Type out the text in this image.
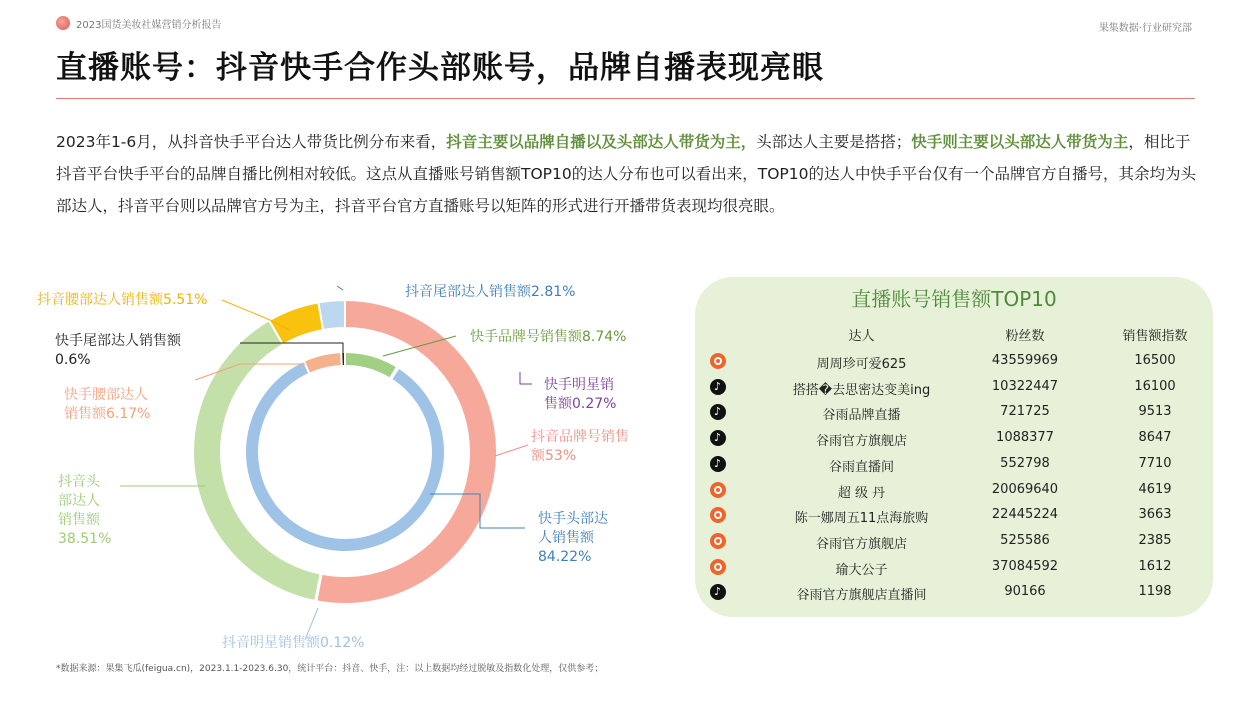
2023国货美妆社媒营销分析报告	果集数据·行业研究部
直播账号：抖音快手合作头部账号，品牌自播表现亮眼
2023年1-6月，从抖音快手平台达人带货比例分布来看，抖音主要以品牌自播以及头部达人带货为主，头部达人主要是搭搭；快手则主要以头部达人带货为主，相比于抖音平台快手平台的品牌自播比例相对较低。这点从直播账号销售额TOP10的达人分布也可以看出来，TOP10的达人中快手平台仅有一个品牌官方自播号，其余均为头部达人，抖音平台则以品牌官方号为主，抖音平台官方直播账号以矩阵的形式进行开播带货表现均很亮眼。
抖音尾部达人销售额2.81%
快手品牌号销售额8.74%
快手明星销售额0.27%
抖音品牌号销售额53%
快手头部达人销售额 84.22%
抖音明星销售额0.12%
抖音头部达人销售额 38.51%
快手腰部达人销售额6.17%
快手尾部达人销售额 0.6%
抖音腰部达人销售额5.51%	直播账号销售额TOP10
达人	粉丝数	销售额指数
周周珍可爱625	43559969	16500
♪
搭搭�去思密达变美ing	10322447	16100
♪
谷雨品牌直播	721725	9513
♪
谷雨官方旗舰店	1088377	8647
♪
谷雨直播间	552798	7710
超 级 丹	20069640	4619
陈一娜周五11点海旅购	22445224	3663
谷雨官方旗舰店	525586	2385
瑜大公子	37084592	1612
♪
谷雨官方旗舰店直播间	90166	1198
*数据来源：果集飞瓜(feigua.cn)，2023.1.1-2023.6.30，统计平台：抖音、快手，注：以上数据均经过脱敏及指数化处理，仅供参考；
